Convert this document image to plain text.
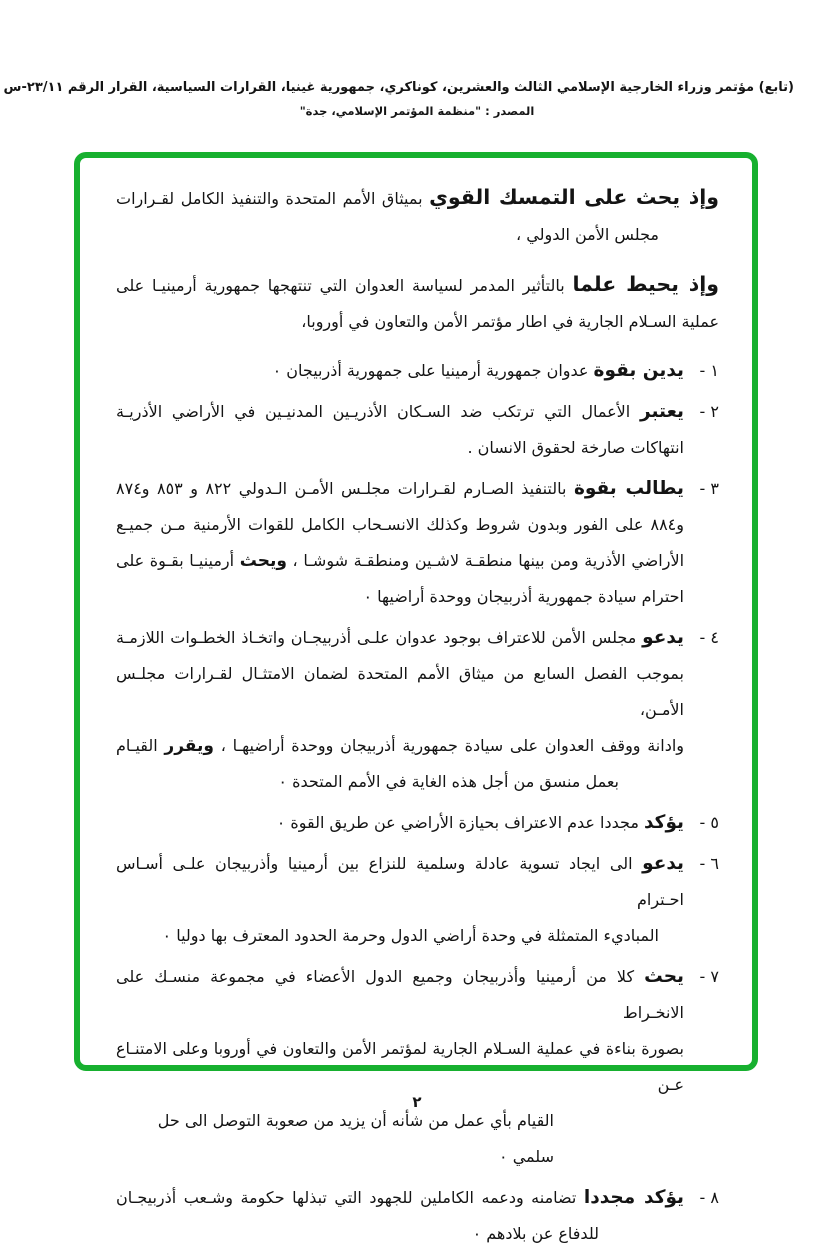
(تابع) مؤتمر وزراء الخارجية الإسلامي الثالث والعشرين، كوناكري، جمهورية غينيا، القرارات السياسية، القرار الرقم ٢٣/١١-س
المصدر : "منظمة المؤتمر الإسلامي، جدة"
وإذ يحث على التمسك القوي بميثاق الأمم المتحدة والتنفيذ الكامل لقـرارات
مجلس الأمن الدولي ،
وإذ يحيط علما بالتأثير المدمر لسياسة العدوان التي تنتهجها جمهورية أرمينيـا على
عملية السـلام الجارية في اطار مؤتمر الأمن والتعاون في أوروبا،
١ -
يدين بقوة عدوان جمهورية أرمينيا على جمهورية أذربيجان ٠
٢ -
يعتبر الأعمال التي ترتكب ضد السـكان الأذريـين المدنيـين في الأراضي الأذريـة
انتهاكات صارخة لحقوق الانسان .
٣ -
يطالب بقوة بالتنفيذ الصـارم لقـرارات مجلـس الأمـن الـدولي ٨٢٢ و ٨٥٣ و٨٧٤
و٨٨٤ على الفور وبدون شروط وكذلك الانسـحاب الكامل للقوات الأرمنية مـن جميـع
الأراضي الأذرية ومن بينها منطقـة لاشـين ومنطقـة شوشـا ، ويحث أرمينيـا بقـوة على
احترام سيادة جمهورية أذربيجان ووحدة أراضيها ٠
٤ -
يدعو مجلس الأمن للاعتراف بوجود عدوان علـى أذربيجـان واتخـاذ الخطـوات اللازمـة
بموجب الفصل السابع من ميثاق الأمم المتحدة لضمان الامتثـال لقـرارات مجلـس الأمـن،
وادانة ووقف العدوان على سيادة جمهورية أذربيجان ووحدة أراضيهـا ، ويقرر القيـام
بعمل منسق من أجل هذه الغاية في الأمم المتحدة ٠
٥ -
يؤكد مجددا عدم الاعتراف بحيازة الأراضي عن طريق القوة ٠
٦ -
يدعو الى ايجاد تسوية عادلة وسلمية للنزاع بين أرمينيا وأذربيجان علـى أسـاس احـترام
المباديء المتمثلة في وحدة أراضي الدول وحرمة الحدود المعترف بها دوليا ٠
٧ -
يحث كلا من أرمينيا وأذربيجان وجميع الدول الأعضاء في مجموعة منسـك على الانخـراط
بصورة بناءة في عملية السـلام الجارية لمؤتمر الأمن والتعاون في أوروبا وعلى الامتنـاع عـن
القيام بأي عمل من شأنه أن يزيد من صعوبة التوصل الى حل سلمي ٠
٨ -
يؤكد مجددا تضامنه ودعمه الكاملين للجهود التي تبذلها حكومة وشـعب أذربيجـان
للدفاع عن بلادهم ٠
٢
